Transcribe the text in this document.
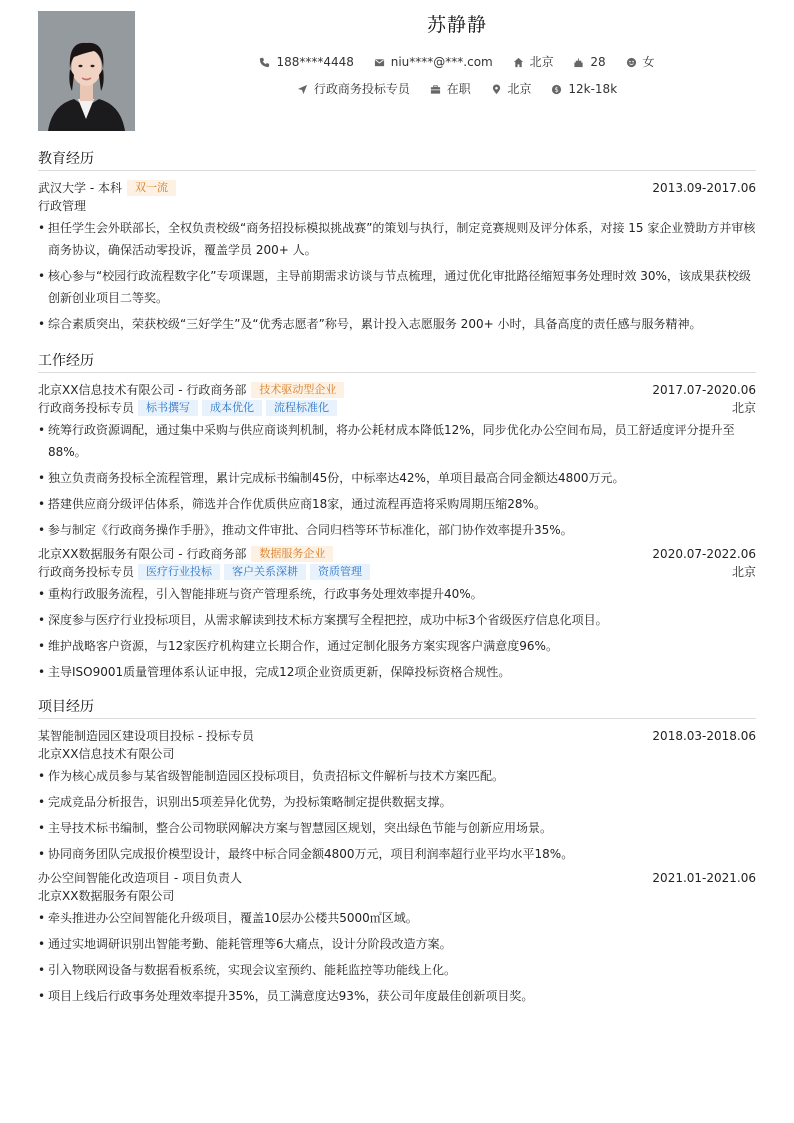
苏静静
188****4448	niu****@***.com	北京	28	女
行政商务投标专员	在职	北京	$ 12k-18k
教育经历
武汉大学 - 本科	双一流	2013.09-2017.06
行政管理
• 担任学生会外联部长，全权负责校级“商务招投标模拟挑战赛”的策划与执行，制定竞赛规则及评分体系，对接 15 家企业赞助方并审核商务协议，确保活动零投诉，覆盖学员 200+ 人。
• 核心参与“校园行政流程数字化”专项课题，主导前期需求访谈与节点梳理，通过优化审批路径缩短事务处理时效 30%，该成果获校级创新创业项目二等奖。
• 综合素质突出，荣获校级“三好学生”及“优秀志愿者”称号，累计投入志愿服务 200+ 小时，具备高度的责任感与服务精神。
工作经历
北京XX信息技术有限公司 - 行政商务部	技术驱动型企业	2017.07-2020.06
行政商务投标专员	标书撰写	成本优化	流程标准化	北京
• 统筹行政资源调配，通过集中采购与供应商谈判机制，将办公耗材成本降低12%，同步优化办公空间布局，员工舒适度评分提升至88%。
• 独立负责商务投标全流程管理，累计完成标书编制45份，中标率达42%，单项目最高合同金额达4800万元。
• 搭建供应商分级评估体系，筛选并合作优质供应商18家，通过流程再造将采购周期压缩28%。
• 参与制定《行政商务操作手册》，推动文件审批、合同归档等环节标准化，部门协作效率提升35%。
北京XX数据服务有限公司 - 行政商务部	数据服务企业	2020.07-2022.06
行政商务投标专员	医疗行业投标	客户关系深耕	资质管理	北京
• 重构行政服务流程，引入智能排班与资产管理系统，行政事务处理效率提升40%。
• 深度参与医疗行业投标项目，从需求解读到技术标方案撰写全程把控，成功中标3个省级医疗信息化项目。
• 维护战略客户资源，与12家医疗机构建立长期合作，通过定制化服务方案实现客户满意度96%。
• 主导ISO9001质量管理体系认证申报，完成12项企业资质更新，保障投标资格合规性。
项目经历
某智能制造园区建设项目投标 - 投标专员	2018.03-2018.06
北京XX信息技术有限公司
• 作为核心成员参与某省级智能制造园区投标项目，负责招标文件解析与技术方案匹配。
• 完成竞品分析报告，识别出5项差异化优势，为投标策略制定提供数据支撑。
• 主导技术标书编制，整合公司物联网解决方案与智慧园区规划，突出绿色节能与创新应用场景。
• 协同商务团队完成报价模型设计，最终中标合同金额4800万元，项目利润率超行业平均水平18%。
办公空间智能化改造项目 - 项目负责人	2021.01-2021.06
北京XX数据服务有限公司
• 牵头推进办公空间智能化升级项目，覆盖10层办公楼共5000㎡区域。
• 通过实地调研识别出智能考勤、能耗管理等6大痛点，设计分阶段改造方案。
• 引入物联网设备与数据看板系统，实现会议室预约、能耗监控等功能线上化。
• 项目上线后行政事务处理效率提升35%，员工满意度达93%，获公司年度最佳创新项目奖。
